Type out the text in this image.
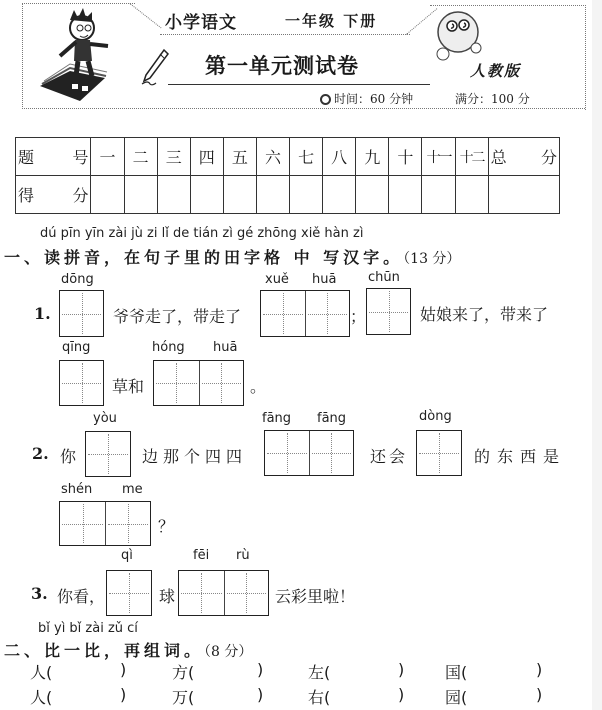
小学语文	一年级 下册
第一单元测试卷	人教版
时间：60 分钟	满分：100 分
题 号	一	二	三	四	五	六	七	八	九	十	十一	十二	总 分
得 分													
dú pīn yīn zài jù zi lǐ de tián zì gé zhōng xiě hàn zì
一、读拼音，在句子里的田字格 中 写汉字。（13 分）
dōng
1.	爷爷走了，带走了
xuě huā
；
chūn
姑娘来了，带来了
qīng
草和
hóng huā
。
yòu
2. 你	边那个四四
fāng fāng
还会
dòng
的东西是
shén me
？
qì
3. 你看，	球
fēi rù
云彩里啦！
bǐ yì bǐ zài zǔ cí
二、比一比，再组词。（8 分）
人(	)	方(	)	左(	)	国(	)
人(	)	万(	)	右(	)	园(	)
